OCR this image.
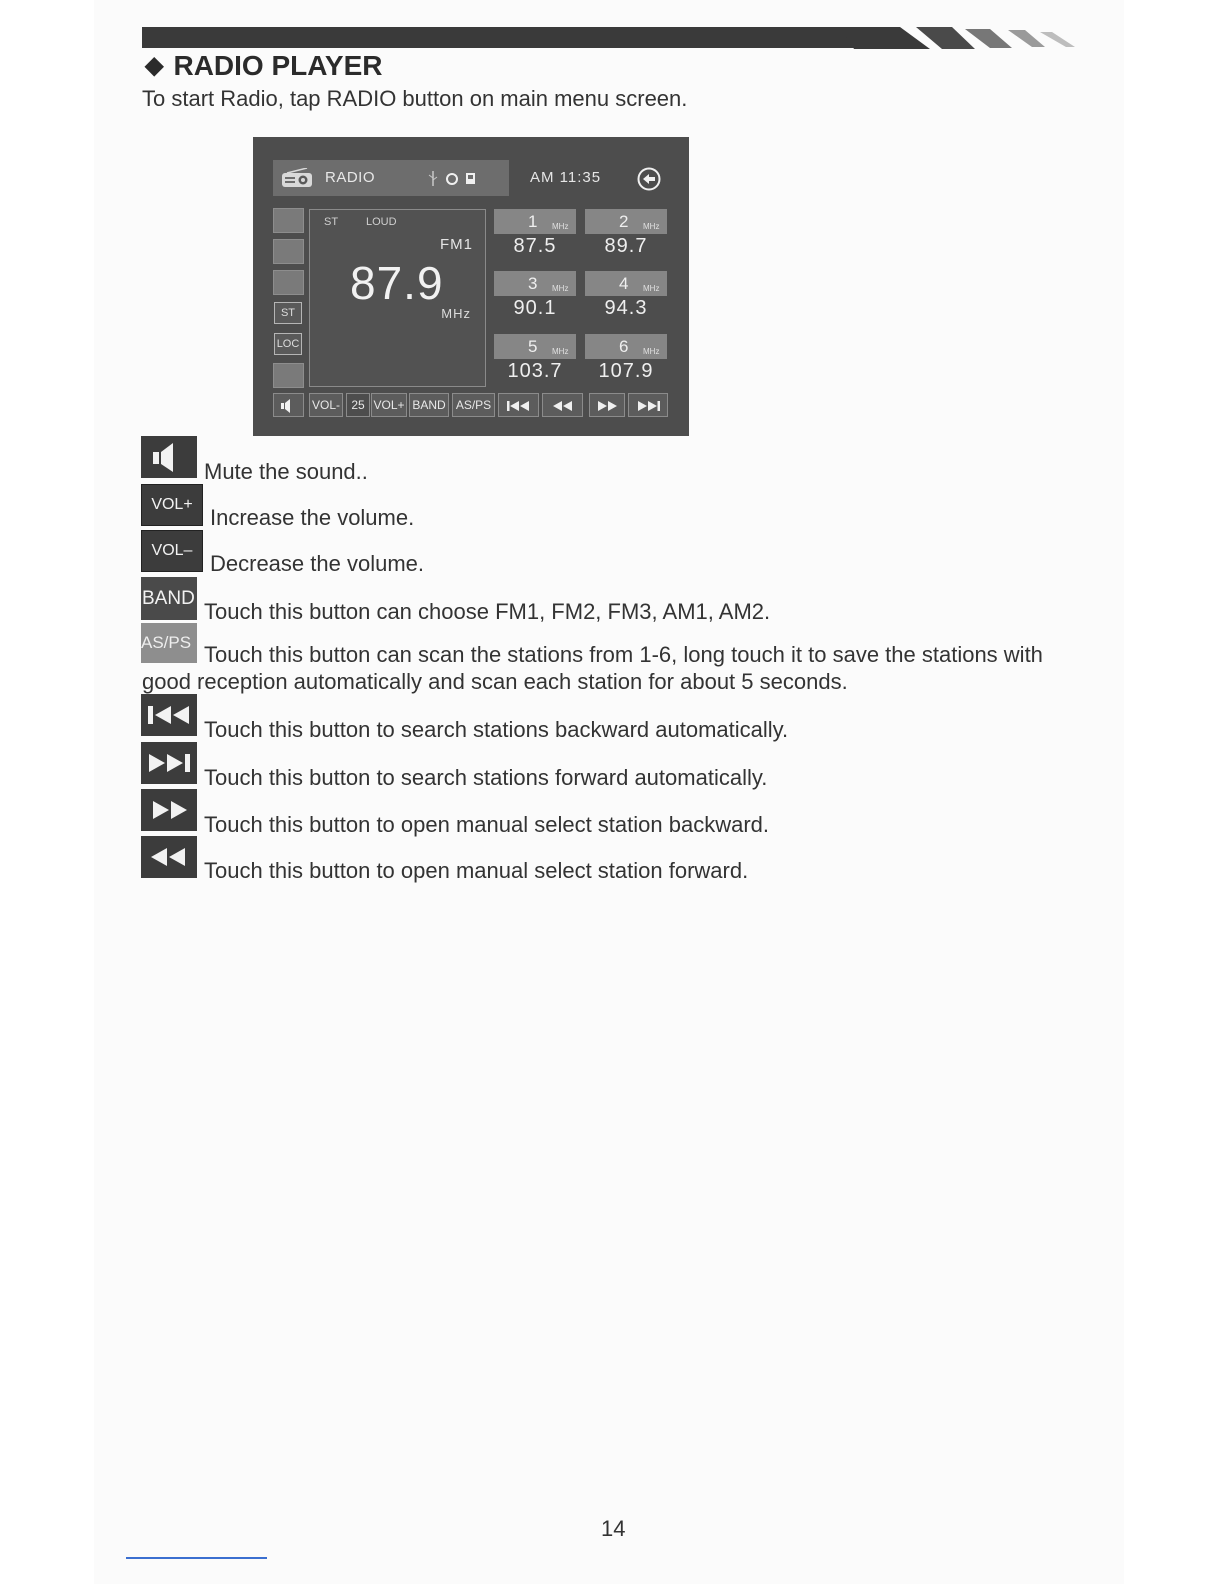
◆ RADIO PLAYER
To start Radio, tap RADIO button on main menu screen.
RADIO	AM 11:35
ST
LOC
ST	LOUD
FM1
87.9
MHz
1 MHz
87.5
2 MHz
89.7
3 MHz
90.1
4 MHz
94.3
5 MHz
103.7
6 MHz
107.9
VOL- 25 VOL+ BAND AS/PS
Mute the sound..
VOL+
Increase the volume.
VOL–
Decrease the volume.
BAND
Touch this button can choose FM1, FM2, FM3, AM1, AM2.
AS/PS Touch this button can scan the stations from 1-6, long touch it to save the stations with
good reception automatically and scan each station for about 5 seconds.
Touch this button to search stations backward automatically.
Touch this button to search stations forward automatically.
Touch this button to open manual select station backward.
Touch this button to open manual select station forward.
14
